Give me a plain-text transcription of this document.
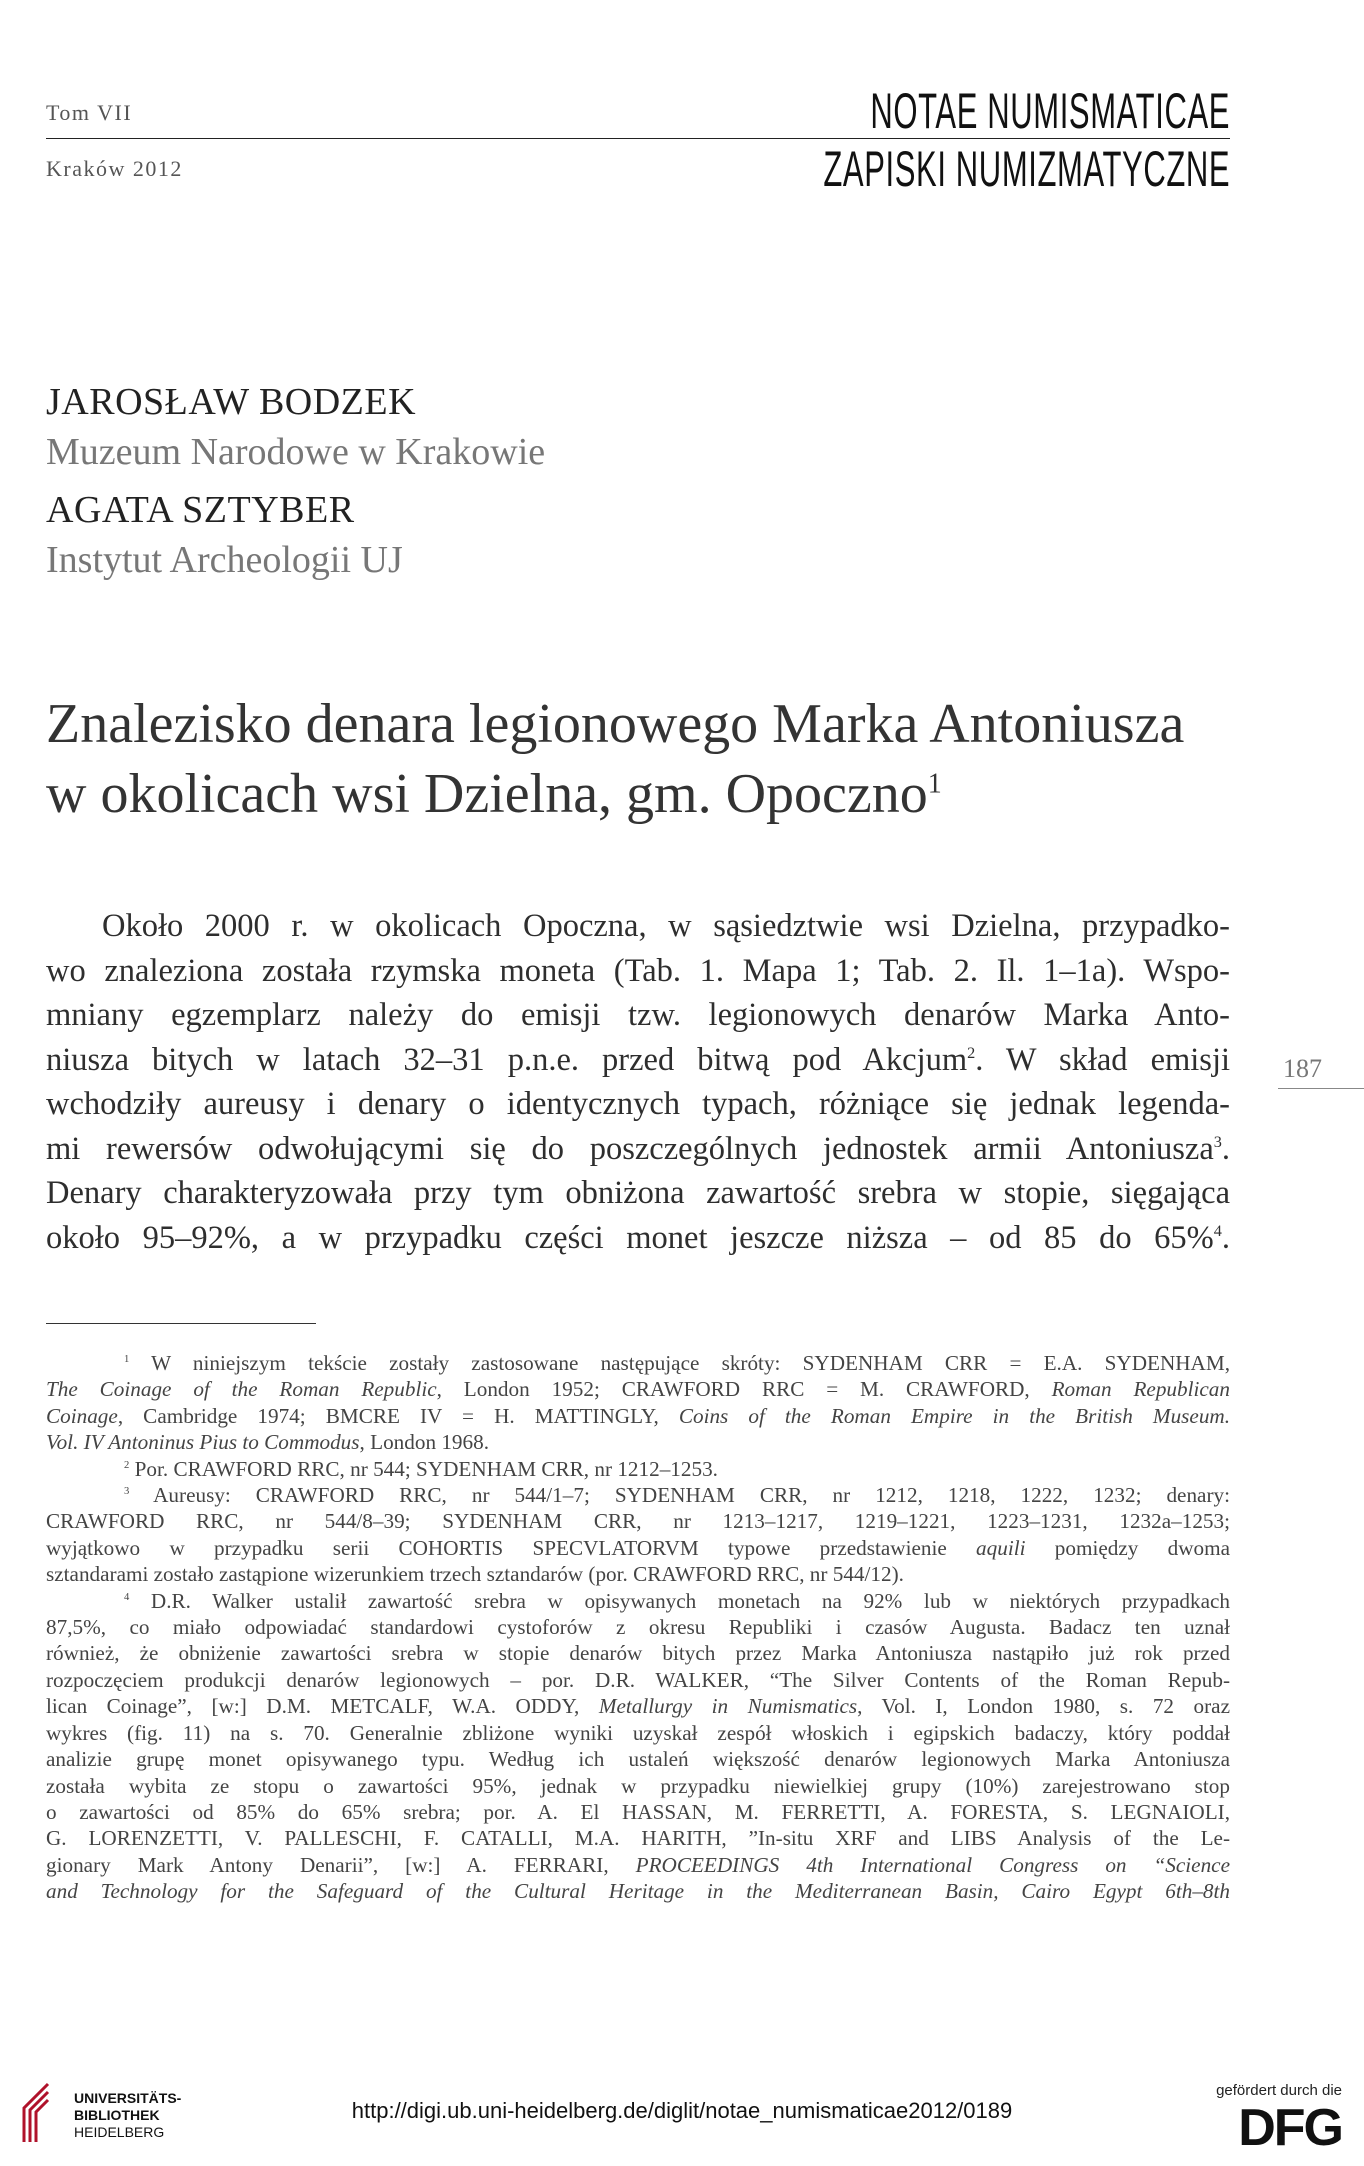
Tom VII
Kraków 2012
NOTAE NUMISMATICAE
ZAPISKI NUMIZMATYCZNE
JAROSŁAW BODZEK
Muzeum Narodowe w Krakowie
AGATA SZTYBER
Instytut Archeologii UJ
Znalezisko denara legionowego Marka Antoniusza
w okolicach wsi Dzielna, gm. Opoczno$^1$
Około 2000 r. w okolicach Opoczna, w sąsiedztwie wsi Dzielna, przypadko-
wo znaleziona została rzymska moneta (Tab. 1. Mapa 1; Tab. 2. Il. 1–1a). Wspo-
mniany egzemplarz należy do emisji tzw. legionowych denarów Marka Anto-
niusza bitych w latach 32–31 p.n.e. przed bitwą pod Akcjum$^2$. W skład emisji
wchodziły aureusy i denary o identycznych typach, różniące się jednak legenda-
mi rewersów odwołującymi się do poszczególnych jednostek armii Antoniusza$^3$.
Denary charakteryzowała przy tym obniżona zawartość srebra w stopie, sięgająca
około 95–92%, a w przypadku części monet jeszcze niższa – od 85 do 65%$^4$.
187
$^1$ W niniejszym tekście zostały zastosowane następujące skróty: SYDENHAM CRR = E.A. SYDENHAM,
The Coinage of the Roman Republic, London 1952; CRAWFORD RRC = M. CRAWFORD, Roman Republican
Coinage, Cambridge 1974; BMCRE IV = H. MATTINGLY, Coins of the Roman Empire in the British Museum.
Vol. IV Antoninus Pius to Commodus, London 1968.
$^2$ Por. CRAWFORD RRC, nr 544; SYDENHAM CRR, nr 1212–1253.
$^3$ Aureusy: CRAWFORD RRC, nr 544/1–7; SYDENHAM CRR, nr 1212, 1218, 1222, 1232; denary:
CRAWFORD RRC, nr 544/8–39; SYDENHAM CRR, nr 1213–1217, 1219–1221, 1223–1231, 1232a–1253;
wyjątkowo w przypadku serii COHORTIS SPECVLATORVM typowe przedstawienie aquili pomiędzy dwoma
sztandarami zostało zastąpione wizerunkiem trzech sztandarów (por. CRAWFORD RRC, nr 544/12).
$^4$ D.R. Walker ustalił zawartość srebra w opisywanych monetach na 92% lub w niektórych przypadkach
87,5%, co miało odpowiadać standardowi cystoforów z okresu Republiki i czasów Augusta. Badacz ten uznał
również, że obniżenie zawartości srebra w stopie denarów bitych przez Marka Antoniusza nastąpiło już rok przed
rozpoczęciem produkcji denarów legionowych – por. D.R. WALKER, “The Silver Contents of the Roman Repub-
lican Coinage”, [w:] D.M. METCALF, W.A. ODDY, Metallurgy in Numismatics, Vol. I, London 1980, s. 72 oraz
wykres (fig. 11) na s. 70. Generalnie zbliżone wyniki uzyskał zespół włoskich i egipskich badaczy, który poddał
analizie grupę monet opisywanego typu. Według ich ustaleń większość denarów legionowych Marka Antoniusza
została wybita ze stopu o zawartości 95%, jednak w przypadku niewielkiej grupy (10%) zarejestrowano stop
o zawartości od 85% do 65% srebra; por. A. El HASSAN, M. FERRETTI, A. FORESTA, S. LEGNAIOLI,
G. LORENZETTI, V. PALLESCHI, F. CATALLI, M.A. HARITH, ”In-situ XRF and LIBS Analysis of the Le-
gionary Mark Antony Denarii”, [w:] A. FERRARI, PROCEEDINGS 4th International Congress on “Science
and Technology for the Safeguard of the Cultural Heritage in the Mediterranean Basin, Cairo Egypt 6th–8th
UNIVERSITÄTS-
BIBLIOTHEK
HEIDELBERG
http://digi.ub.uni-heidelberg.de/diglit/notae_numismaticae2012/0189
gefördert durch die
DFG
